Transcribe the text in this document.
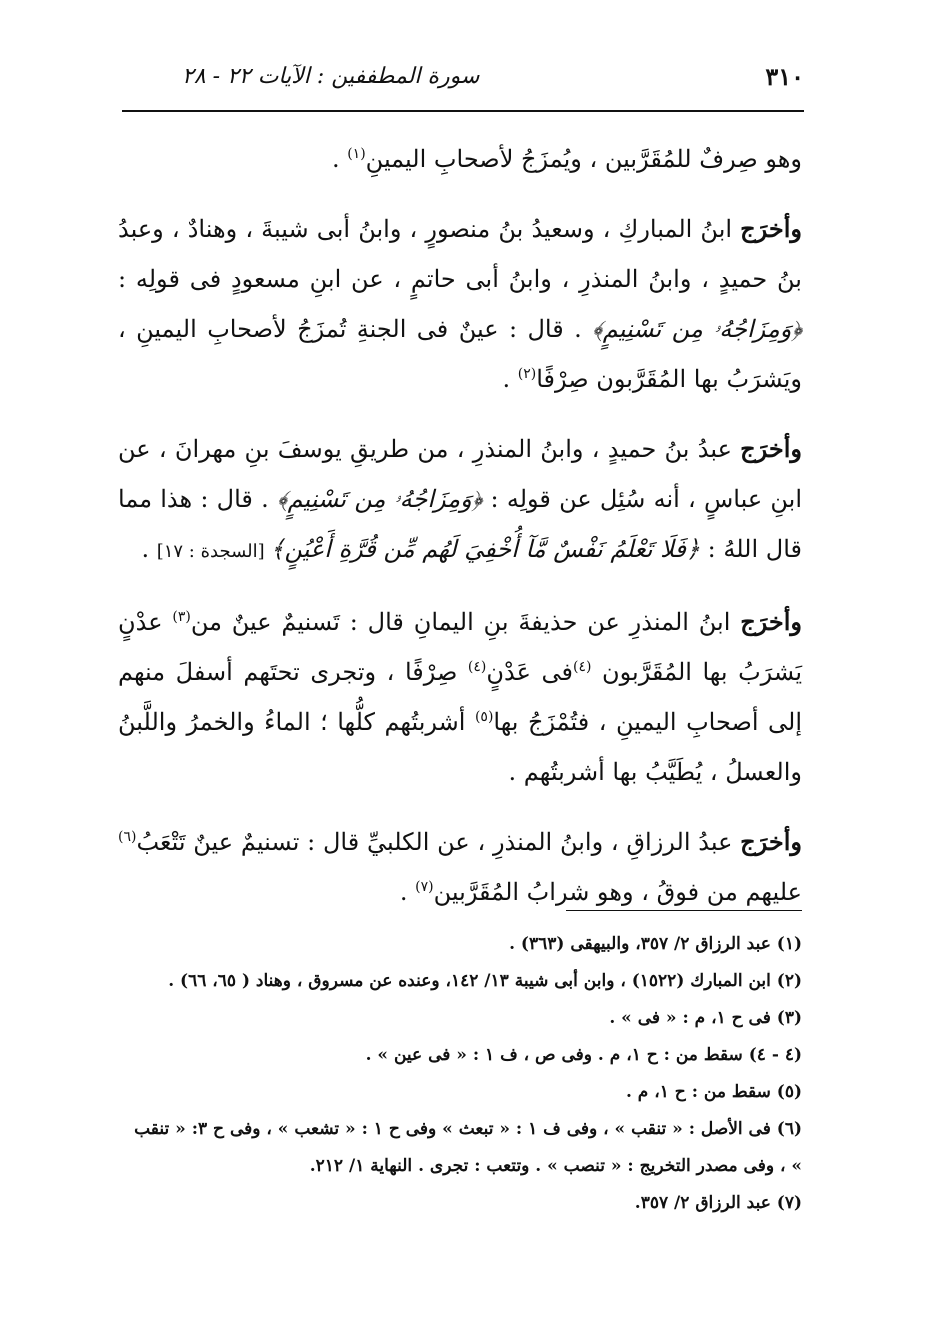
٣١٠
سورة المطففين : الآيات ٢٢ - ٢٨

وهو صِرفٌ للمُقَرَّبين ، ويُمزَجُ لأصحابِ اليمينِ$^{(١)}$ .

وأخرَج ابنُ المباركِ ، وسعيدُ بنُ منصورٍ ، وابنُ أبى شيبةَ ، وهنادٌ ، وعبدُ بنُ حميدٍ ، وابنُ المنذرِ ، وابنُ أبى حاتمٍ ، عن ابنِ مسعودٍ فى قولِه : ﴿وَمِزَاجُهُۥ مِن تَسْنِيمٍ﴾ . قال : عينٌ فى الجنةِ تُمزَجُ لأصحابِ اليمينِ ، ويَشرَبُ بها المُقَرَّبون صِرْفًا$^{(٢)}$ .

وأخرَج عبدُ بنُ حميدٍ ، وابنُ المنذرِ ، من طريقِ يوسفَ بنِ مهرانَ ، عن ابنِ عباسٍ ، أنه سُئِل عن قولِه : ﴿وَمِزَاجُهُۥ مِن تَسْنِيمٍ﴾ . قال : هذا مما قال اللهُ : ﴿فَلَا تَعْلَمُ نَفْسٌ مَّآ أُخْفِيَ لَهُم مِّن قُرَّةِ أَعْيُنٍ﴾ [السجدة : ١٧] .

وأخرَج ابنُ المنذرِ عن حذيفةَ بنِ اليمانِ قال : تَسنيمٌ عينٌ من$^{(٣)}$ عدْنٍ يَشرَبُ بها المُقَرَّبون $^{(٤)}$فى عَدْنٍ$^{(٤)}$ صِرْفًا ، وتجرى تحتَهم أسفلَ منهم إلى أصحابِ اليمينِ ، فتُمْزَجُ بها$^{(٥)}$ أشربتُهم كلُّها ؛ الماءُ والخمرُ واللَّبنُ والعسلُ ، يُطَيَّبُ بها أشربتُهم .

وأخرَج عبدُ الرزاقِ ، وابنُ المنذرِ ، عن الكلبيِّ قال : تسنيمٌ عينٌ تَتْعَبُ$^{(٦)}$ عليهم من فوقُ ، وهو شرابُ المُقَرَّبين$^{(٧)}$ .

(١) عبد الرزاق ٢/ ٣٥٧، والبيهقى (٣٦٣) .
(٢) ابن المبارك (١٥٢٢) ، وابن أبى شيبة ١٣/ ١٤٢، وعنده عن مسروق ، وهناد ( ٦٥، ٦٦) .
(٣) فى ح ١، م : « فى » .
(٤ - ٤) سقط من : ح ١، م . وفى ص ، ف ١ : « فى عين » .
(٥) سقط من : ح ١، م .
(٦) فى الأصل : « تنقب » ، وفى ف ١ : « تبعث » وفى ح ١ : « تشعب » ، وفى ح ٣: « تنقب » ، وفى مصدر التخريج : « تنصب » . وتتعب : تجرى . النهاية ١/ ٢١٢.
(٧) عبد الرزاق ٢/ ٣٥٧.
